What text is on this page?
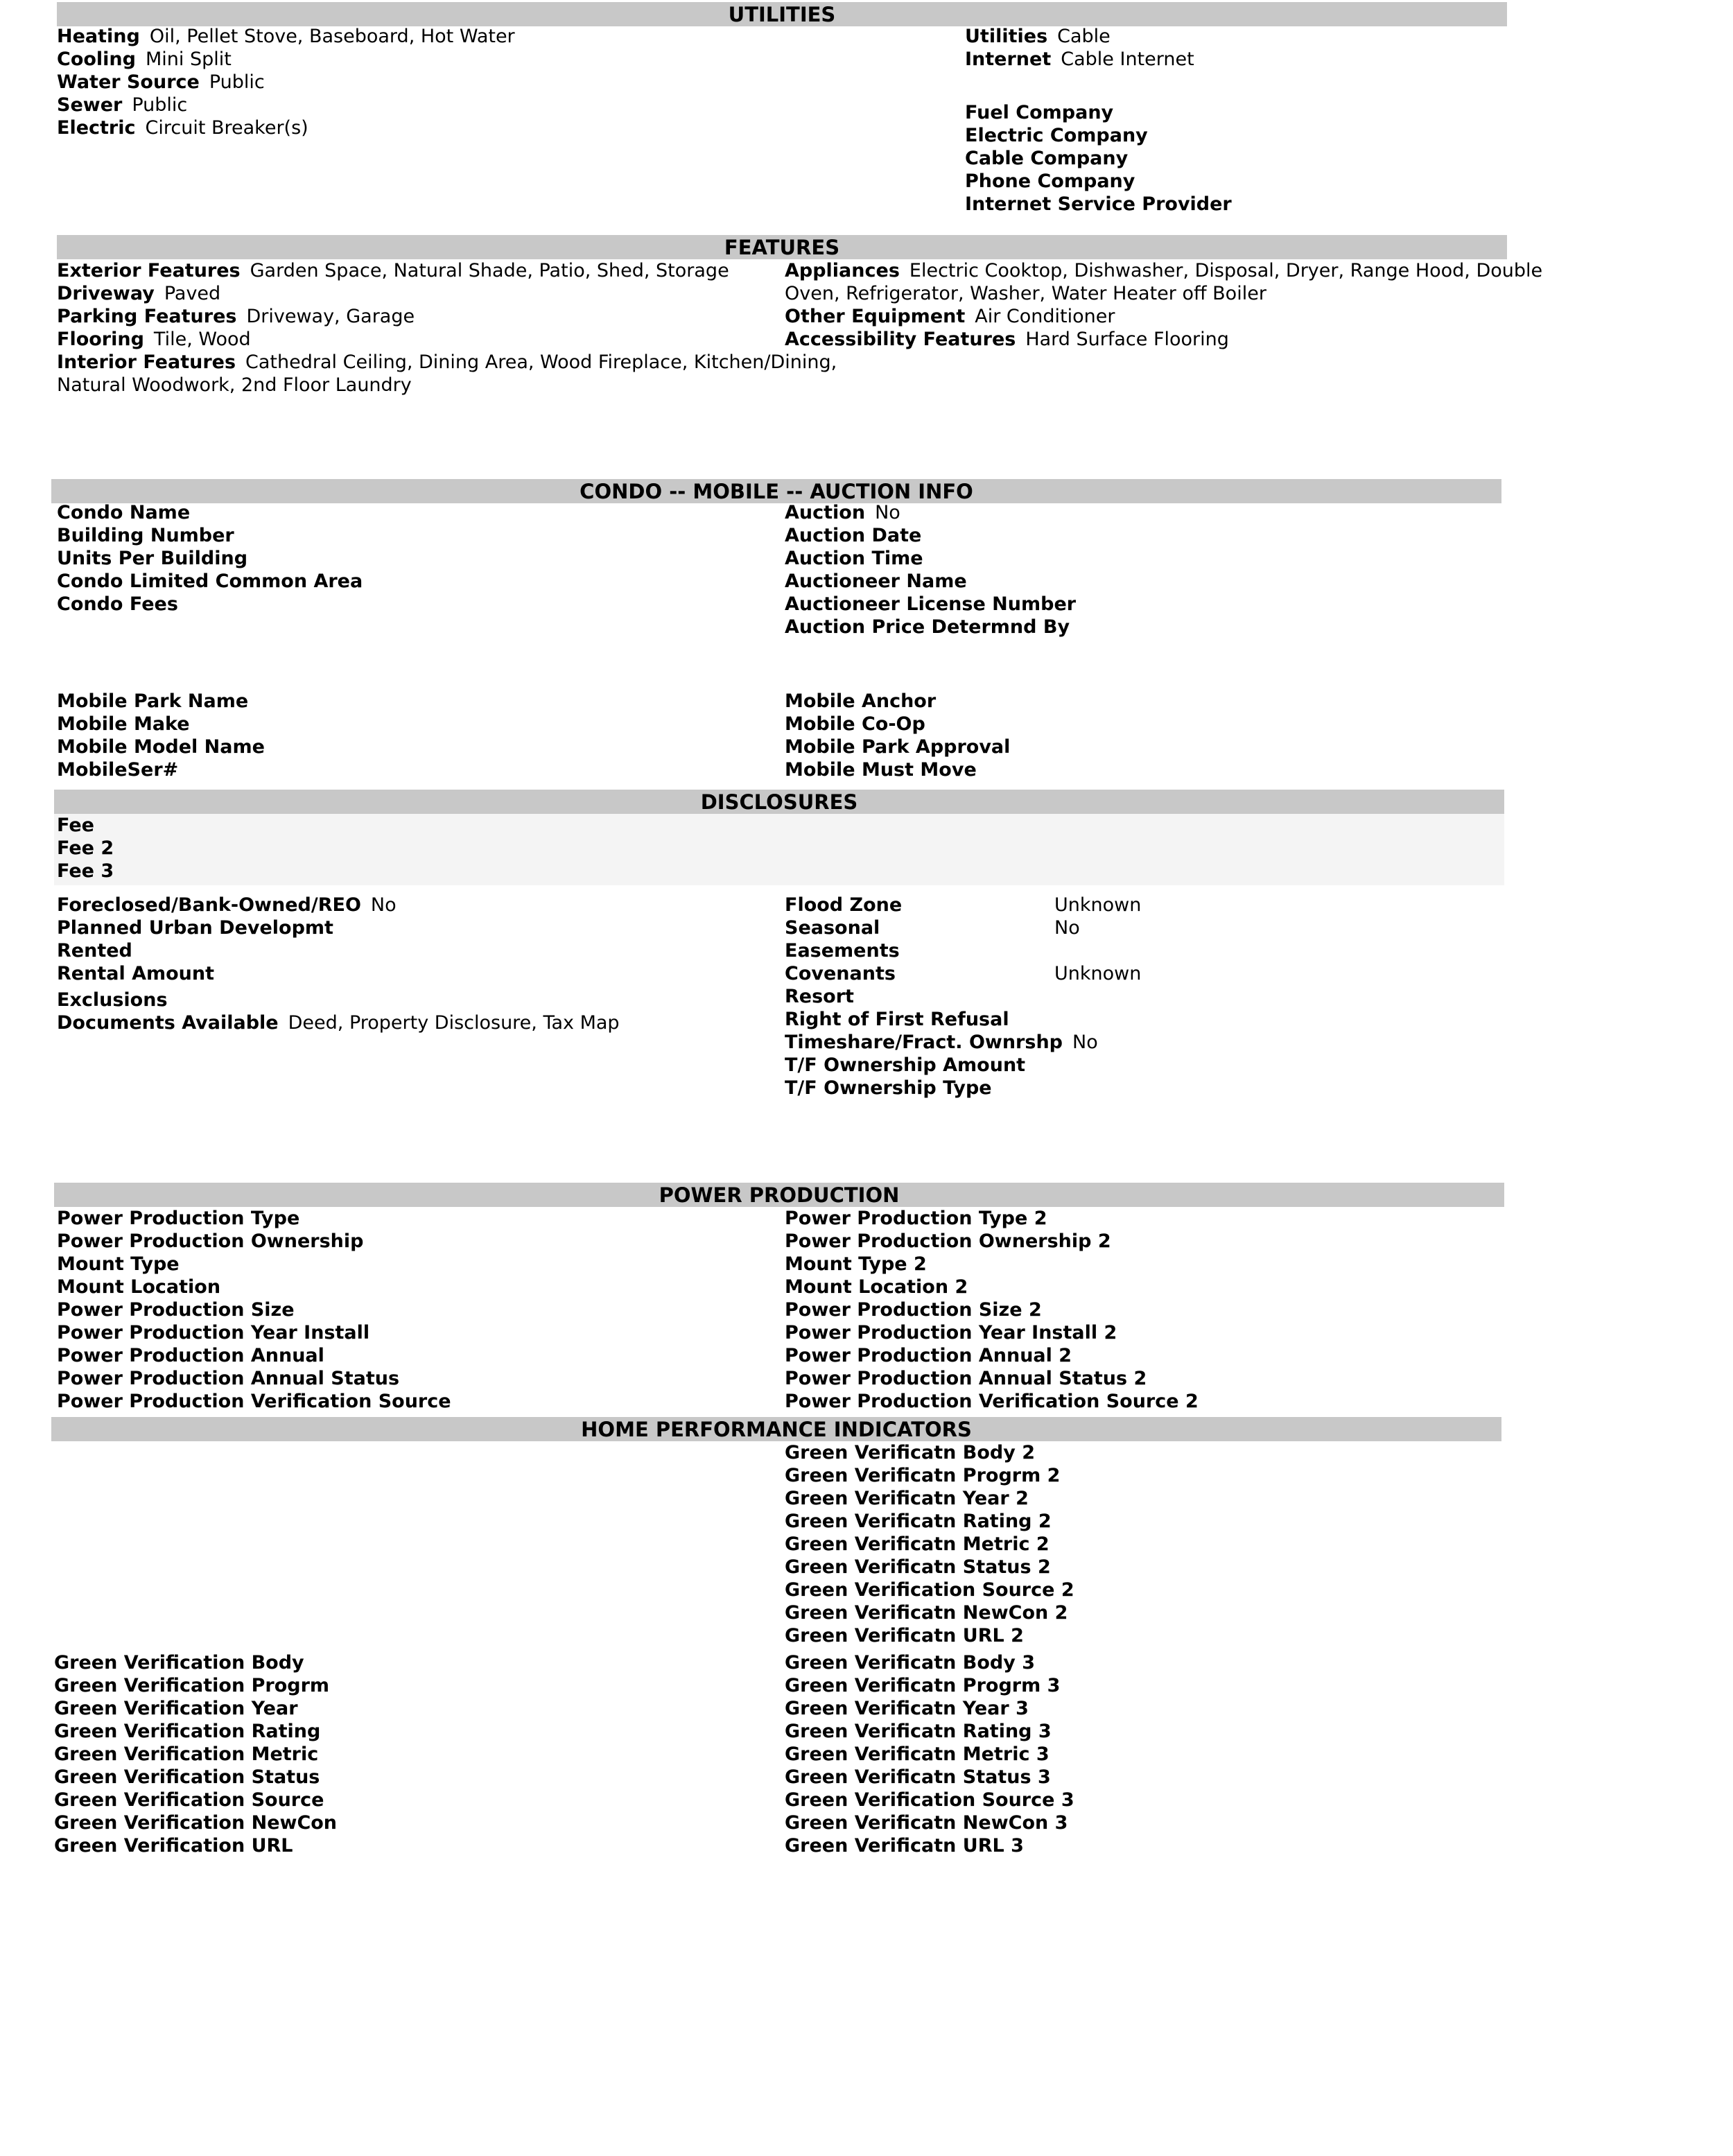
UTILITIES
Heating Oil, Pellet Stove, Baseboard, Hot Water
Cooling Mini Split
Water Source Public
Sewer Public
Electric Circuit Breaker(s)
Utilities Cable
Internet Cable Internet
Fuel Company
Electric Company
Cable Company
Phone Company
Internet Service Provider
FEATURES
Exterior Features Garden Space, Natural Shade, Patio, Shed, Storage
Driveway Paved
Parking Features Driveway, Garage
Flooring Tile, Wood
Interior Features Cathedral Ceiling, Dining Area, Wood Fireplace, Kitchen/Dining,
Natural Woodwork, 2nd Floor Laundry
Appliances Electric Cooktop, Dishwasher, Disposal, Dryer, Range Hood, Double
Oven, Refrigerator, Washer, Water Heater off Boiler
Other Equipment Air Conditioner
Accessibility Features Hard Surface Flooring
CONDO -- MOBILE -- AUCTION INFO
Condo Name
Building Number
Units Per Building
Condo Limited Common Area
Condo Fees
Auction No
Auction Date
Auction Time
Auctioneer Name
Auctioneer License Number
Auction Price Determnd By
Mobile Park Name
Mobile Make
Mobile Model Name
MobileSer#
Mobile Anchor
Mobile Co-Op
Mobile Park Approval
Mobile Must Move
DISCLOSURES
Fee
Fee 2
Fee 3
Foreclosed/Bank-Owned/REO No
Planned Urban Developmt
Rented
Rental Amount
Exclusions
Documents Available Deed, Property Disclosure, Tax Map
Flood Zone
Seasonal
Easements
Covenants
Resort
Right of First Refusal
Timeshare/Fract. Ownrshp No
T/F Ownership Amount
T/F Ownership Type
Unknown
No
Unknown
POWER PRODUCTION
Power Production Type
Power Production Ownership
Mount Type
Mount Location
Power Production Size
Power Production Year Install
Power Production Annual
Power Production Annual Status
Power Production Verification Source
Power Production Type 2
Power Production Ownership 2
Mount Type 2
Mount Location 2
Power Production Size 2
Power Production Year Install 2
Power Production Annual 2
Power Production Annual Status 2
Power Production Verification Source 2
HOME PERFORMANCE INDICATORS
Green Verificatn Body 2
Green Verificatn Progrm 2
Green Verificatn Year 2
Green Verificatn Rating 2
Green Verificatn Metric 2
Green Verificatn Status 2
Green Verification Source 2
Green Verificatn NewCon 2
Green Verificatn URL 2
Green Verification Body
Green Verification Progrm
Green Verification Year
Green Verification Rating
Green Verification Metric
Green Verification Status
Green Verification Source
Green Verification NewCon
Green Verification URL
Green Verificatn Body 3
Green Verificatn Progrm 3
Green Verificatn Year 3
Green Verificatn Rating 3
Green Verificatn Metric 3
Green Verificatn Status 3
Green Verification Source 3
Green Verificatn NewCon 3
Green Verificatn URL 3
